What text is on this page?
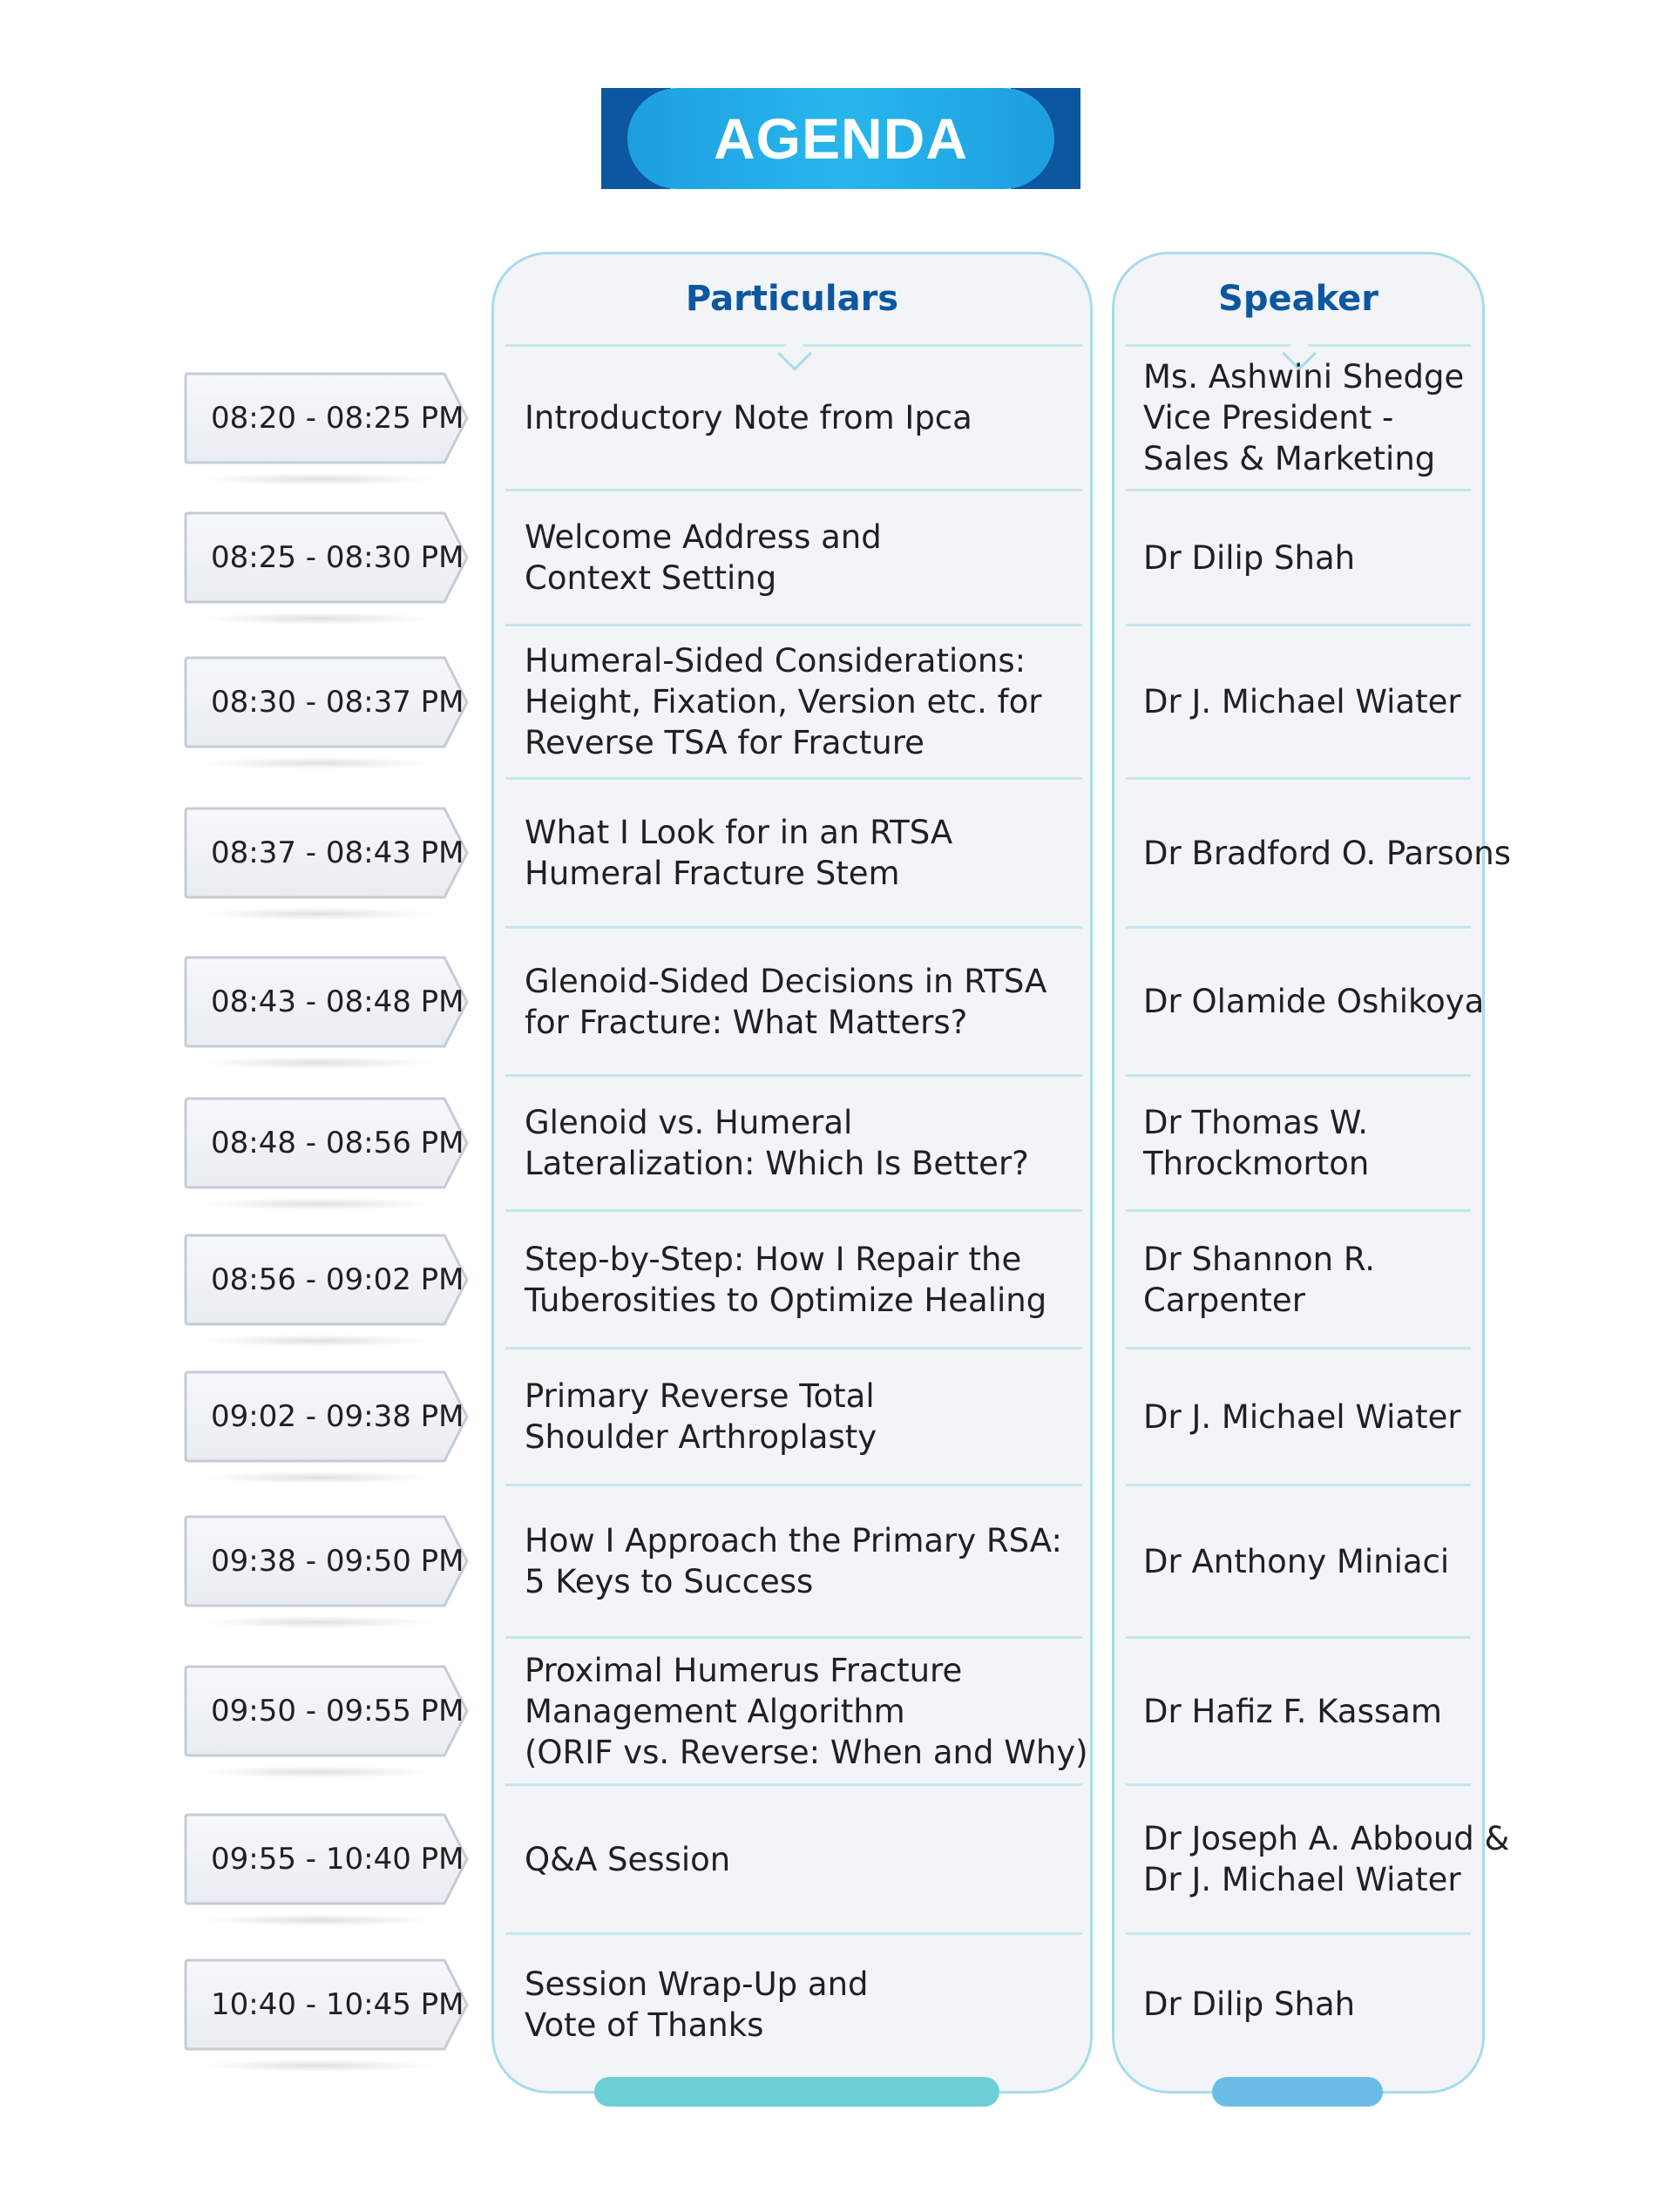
AGENDA
Particulars	Speaker
08:20 - 08:25 PM Introductory Note from Ipca
Ms. Ashwini Shedge
Vice President -
Sales & Marketing
08:25 - 08:30 PM
Welcome Address and
Context Setting
Dr Dilip Shah
08:30 - 08:37 PM
Humeral-Sided Considerations:
Height, Fixation, Version etc. for
Reverse TSA for Fracture
Dr J. Michael Wiater
08:37 - 08:43 PM
What I Look for in an RTSA
Humeral Fracture Stem
Dr Bradford O. Parsons
08:43 - 08:48 PM
Glenoid-Sided Decisions in RTSA
for Fracture: What Matters?
Dr Olamide Oshikoya
08:48 - 08:56 PM
Glenoid vs. Humeral
Lateralization: Which Is Better?
Dr Thomas W.
Throckmorton
08:56 - 09:02 PM
Step-by-Step: How I Repair the
Tuberosities to Optimize Healing
Dr Shannon R.
Carpenter
09:02 - 09:38 PM
Primary Reverse Total
Shoulder Arthroplasty
Dr J. Michael Wiater
09:38 - 09:50 PM
How I Approach the Primary RSA:
5 Keys to Success
Dr Anthony Miniaci
09:50 - 09:55 PM
Proximal Humerus Fracture
Management Algorithm
(ORIF vs. Reverse: When and Why)
Dr Hafiz F. Kassam
09:55 - 10:40 PM Q&A Session
Dr Joseph A. Abboud &
Dr J. Michael Wiater
10:40 - 10:45 PM
Session Wrap-Up and
Vote of Thanks
Dr Dilip Shah
